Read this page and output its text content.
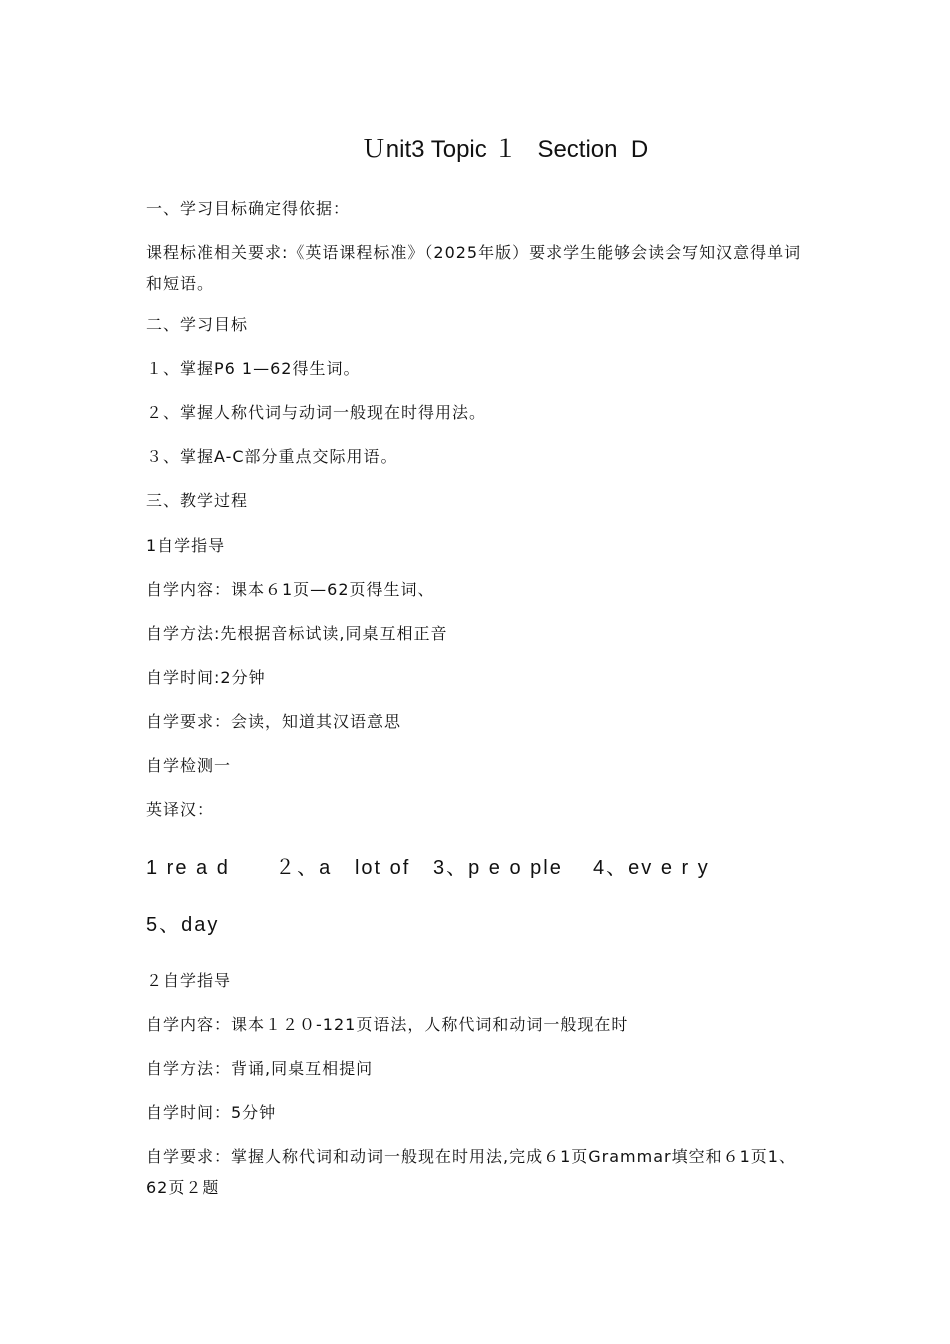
Ｕnit3 Topic １   Section  D
一、学习目标确定得依据：
课程标准相关要求:《英语课程标准》（2025年版）要求学生能够会读会写知汉意得单词和短语。
二、学习目标
１、掌握P6 1—62得生词。
２、掌握人称代词与动词一般现在时得用法。
３、掌握A-C部分重点交际用语。
三、教学过程
1自学指导
自学内容：课本６1页—62页得生词、
自学方法:先根据音标试读,同桌互相正音
自学时间:2分钟
自学要求：会读，知道其汉语意思
自学检测一
英译汉：
1 re a d      ２、a   lot of   3、p e o ple    4、ev e r y
5、day
２自学指导
自学内容：课本１２０-121页语法，人称代词和动词一般现在时
自学方法：背诵,同桌互相提问
自学时间：5分钟
自学要求：掌握人称代词和动词一般现在时用法,完成６1页Grammar填空和６1页1、62页２题
